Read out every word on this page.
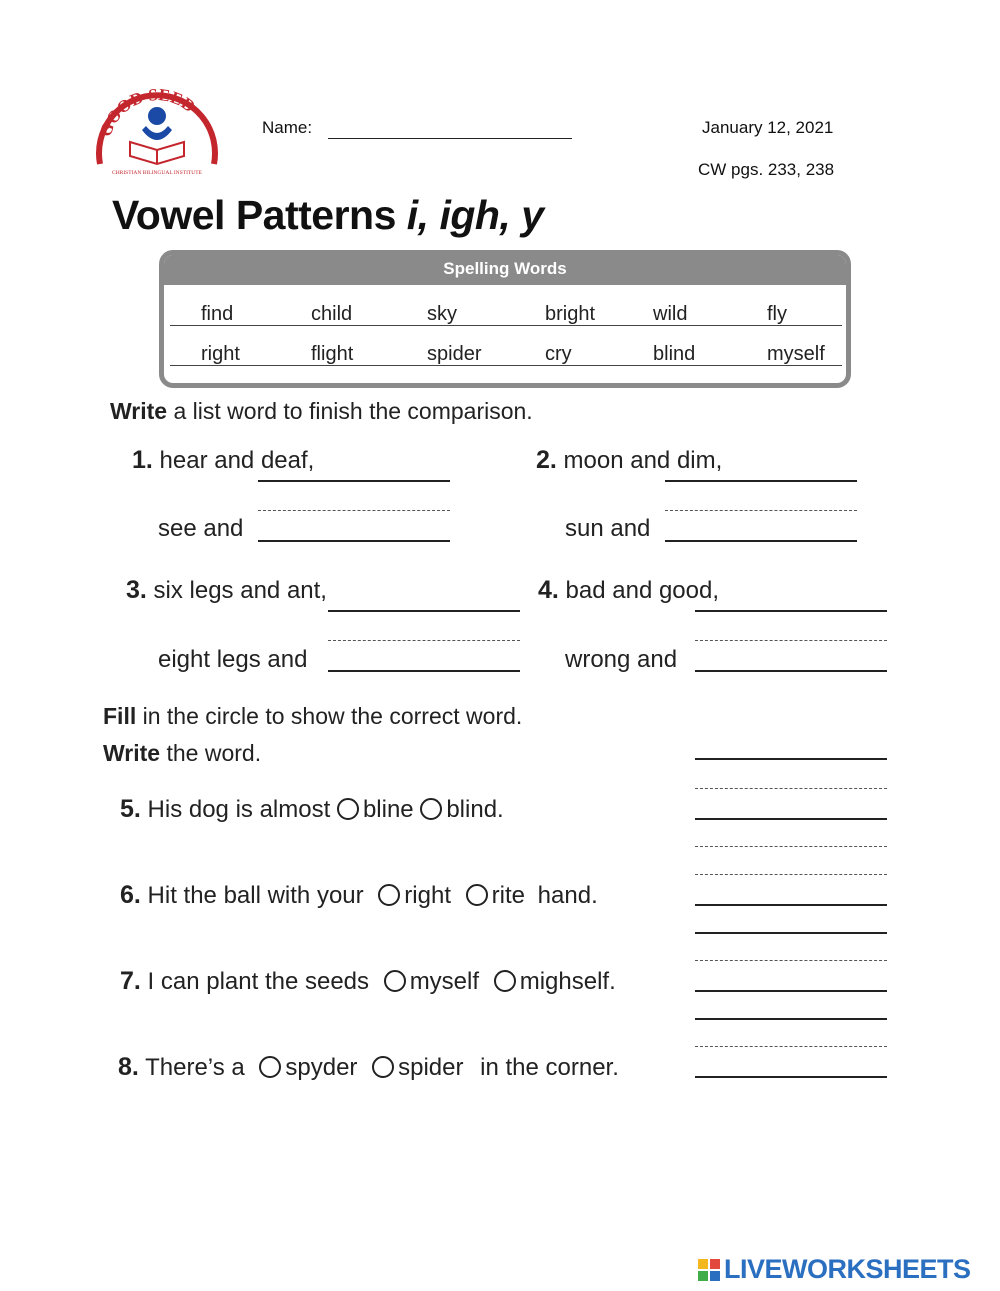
GOOD SEED
CHRISTIAN BILINGUAL INSTITUTE
Name:	January 12, 2021
CW pgs. 233, 238
Vowel Patterns i, igh, y
Spelling Words
find	child	sky	bright	wild	fly
right	flight	spider	cry	blind	myself
Write a list word to finish the comparison.
1. hear and deaf,
see and
2. moon and dim,
sun and
3. six legs and ant,
eight legs and
4. bad and good,
wrong and
Fill in the circle to show the correct word.
Write the word.
5. His dog is almost bline blind.
6. Hit the ball with your right rite hand.
7. I can plant the seeds myself mighself.
8. There’s a spyder spider in the corner.
LIVEWORKSHEETS
